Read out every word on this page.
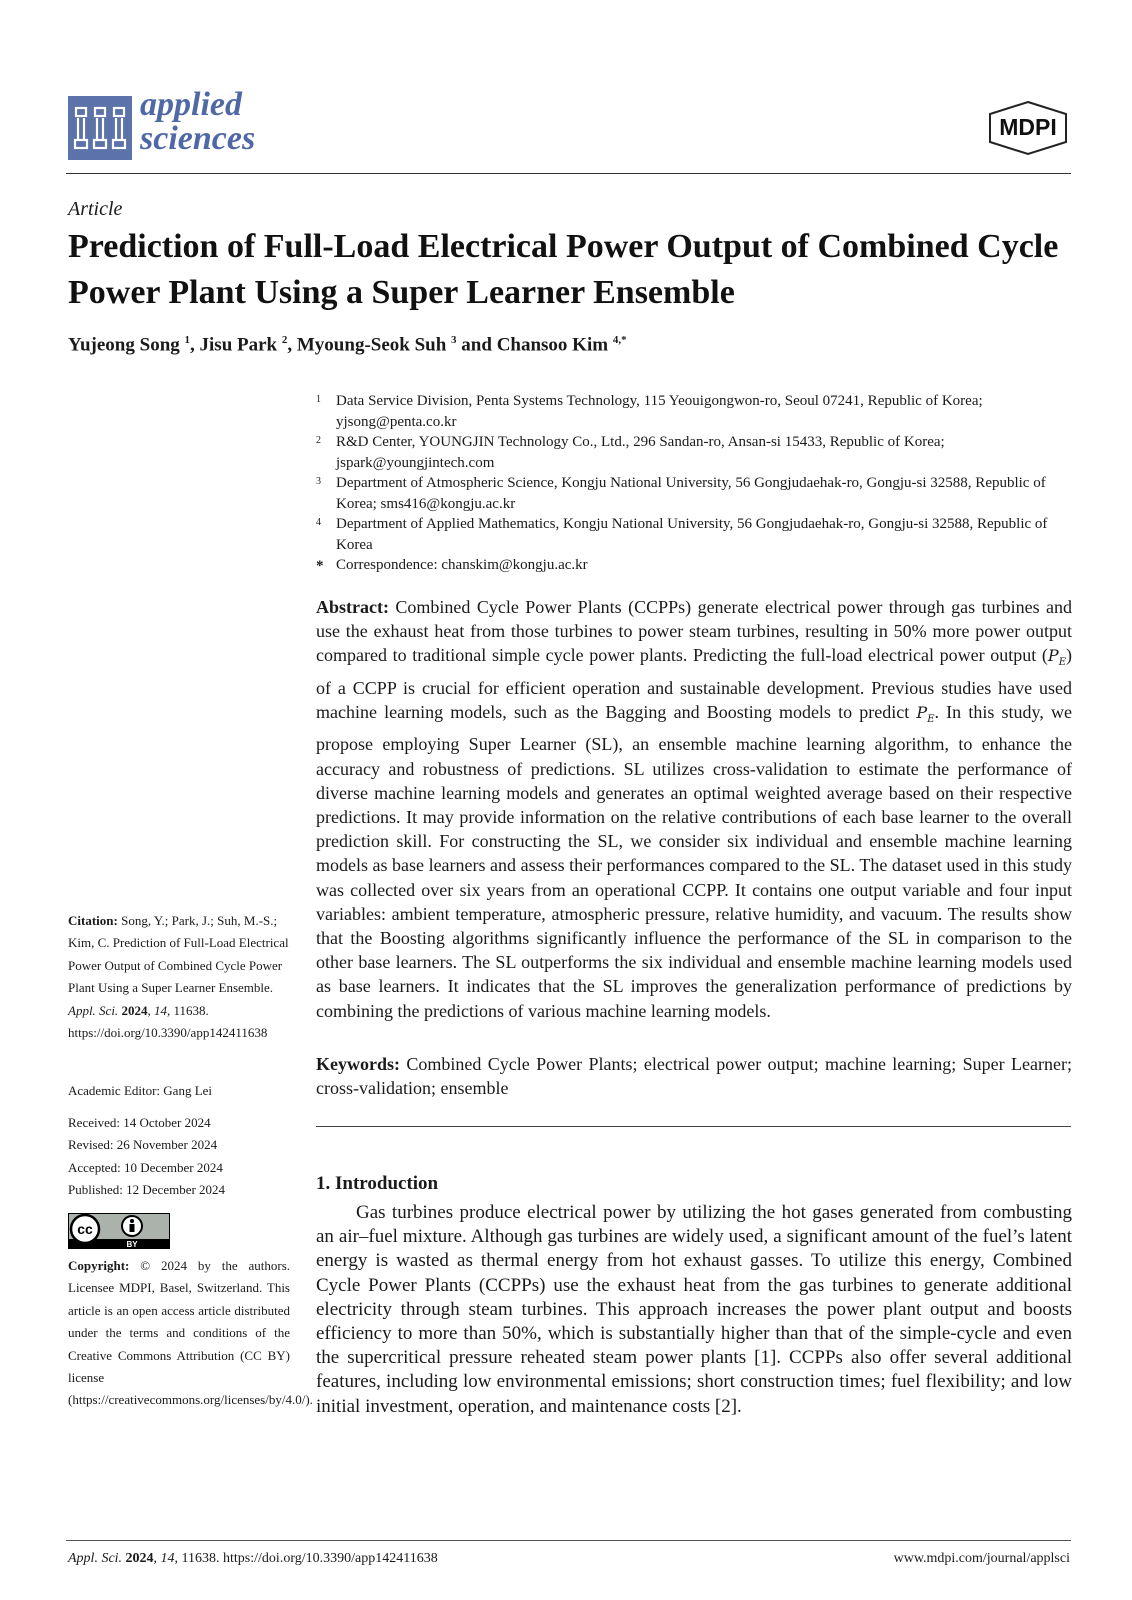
applied
sciences	MDPI
Article
Prediction of Full-Load Electrical Power Output of Combined Cycle Power Plant Using a Super Learner Ensemble
Yujeong Song $^1$, Jisu Park $^2$, Myoung-Seok Suh $^3$ and Chansoo Kim $^{4,*}$
1	Data Service Division, Penta Systems Technology, 115 Yeouigongwon-ro, Seoul 07241, Republic of Korea; yjsong@penta.co.kr
2	R&D Center, YOUNGJIN Technology Co., Ltd., 296 Sandan-ro, Ansan-si 15433, Republic of Korea; jspark@youngjintech.com
3	Department of Atmospheric Science, Kongju National University, 56 Gongjudaehak-ro, Gongju-si 32588, Republic of Korea; sms416@kongju.ac.kr
4	Department of Applied Mathematics, Kongju National University, 56 Gongjudaehak-ro, Gongju-si 32588, Republic of Korea
* Correspondence: chanskim@kongju.ac.kr
Abstract: Combined Cycle Power Plants (CCPPs) generate electrical power through gas turbines and use the exhaust heat from those turbines to power steam turbines, resulting in 50% more power output compared to traditional simple cycle power plants. Predicting the full-load electrical power output $(P_E)$ of a CCPP is crucial for efficient operation and sustainable development. Previous studies have used machine learning models, such as the Bagging and Boosting models to predict $P_E$. In this study, we propose employing Super Learner (SL), an ensemble machine learning algorithm, to enhance the accuracy and robustness of predictions. SL utilizes cross-validation to estimate the performance of diverse machine learning models and generates an optimal weighted average based on their respective predictions. It may provide information on the relative contributions of each base learner to the overall prediction skill. For constructing the SL, we consider six individual and ensemble machine learning models as base learners and assess their performances compared to the SL. The dataset used in this study was collected over six years from an operational CCPP. It contains one output variable and four input variables: ambient temperature, atmospheric pressure, relative humidity, and vacuum. The results show that the Boosting algorithms significantly influence the performance of the SL in comparison to the other base learners. The SL outperforms the six individual and ensemble machine learning models used as base learners. It indicates that the SL improves the generalization performance of predictions by combining the predictions of various machine learning models.
Keywords: Combined Cycle Power Plants; electrical power output; machine learning; Super Learner; cross-validation; ensemble
Citation: Song, Y.; Park, J.; Suh, M.-S.; Kim, C. Prediction of Full-Load Electrical Power Output of Combined Cycle Power Plant Using a Super Learner Ensemble. Appl. Sci. 2024, 14, 11638. https://doi.org/10.3390/app142411638
Academic Editor: Gang Lei
Received: 14 October 2024
Revised: 26 November 2024
Accepted: 10 December 2024
Published: 12 December 2024
cc
BY
Copyright: © 2024 by the authors. Licensee MDPI, Basel, Switzerland. This article is an open access article distributed under the terms and conditions of the Creative Commons Attribution (CC BY) license (https://creativecommons.org/licenses/by/4.0/).
1. Introduction
Gas turbines produce electrical power by utilizing the hot gases generated from combusting an air–fuel mixture. Although gas turbines are widely used, a significant amount of the fuel’s latent energy is wasted as thermal energy from hot exhaust gasses. To utilize this energy, Combined Cycle Power Plants (CCPPs) use the exhaust heat from the gas turbines to generate additional electricity through steam turbines. This approach increases the power plant output and boosts efficiency to more than 50%, which is substantially higher than that of the simple-cycle and even the supercritical pressure reheated steam power plants [1]. CCPPs also offer several additional features, including low environmental emissions; short construction times; fuel flexibility; and low initial investment, operation, and maintenance costs [2].
Appl. Sci. 2024, 14, 11638. https://doi.org/10.3390/app142411638	www.mdpi.com/journal/applsci
